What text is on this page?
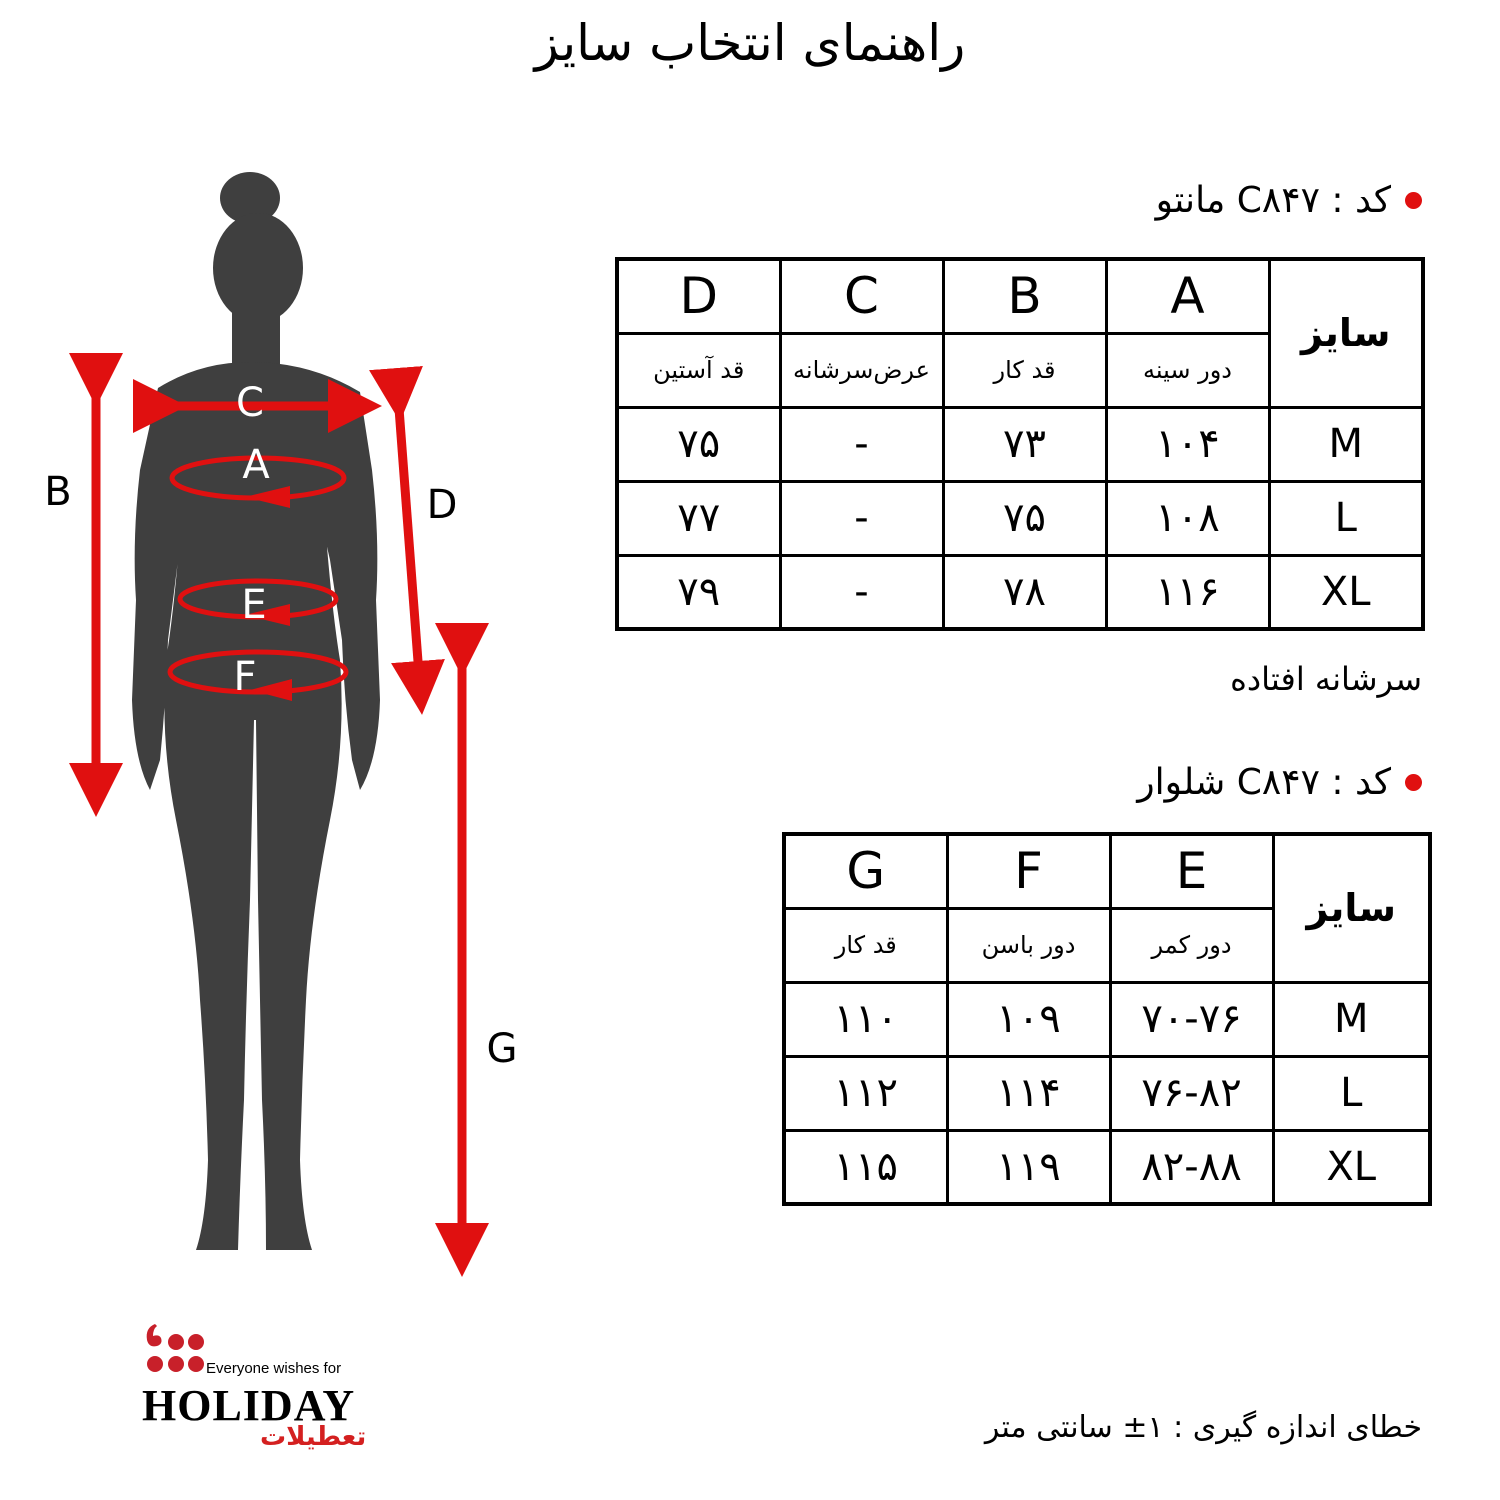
راهنمای انتخاب سایز
A
C
E
F
B	D
G
کد : C۸۴۷ مانتو
D	C	B	A	سایز
قد آستین	عرض‌سرشانه	قد کار	دور سینه	
۷۵	-	۷۳	۱۰۴	M
۷۷	-	۷۵	۱۰۸	L
۷۹	-	۷۸	۱۱۶	XL
سرشانه افتاده
کد : C۸۴۷ شلوار
G	F	E	سایز
قد کار	دور باسن	دور کمر	
۱۱۰	۱۰۹	۷۰-۷۶	M
۱۱۲	۱۱۴	۷۶-۸۲	L
۱۱۵	۱۱۹	۸۲-۸۸	XL
خطای اندازه گیری : ۱± سانتی متر
Everyone wishes for
HOLIDAY
تعطیلات
